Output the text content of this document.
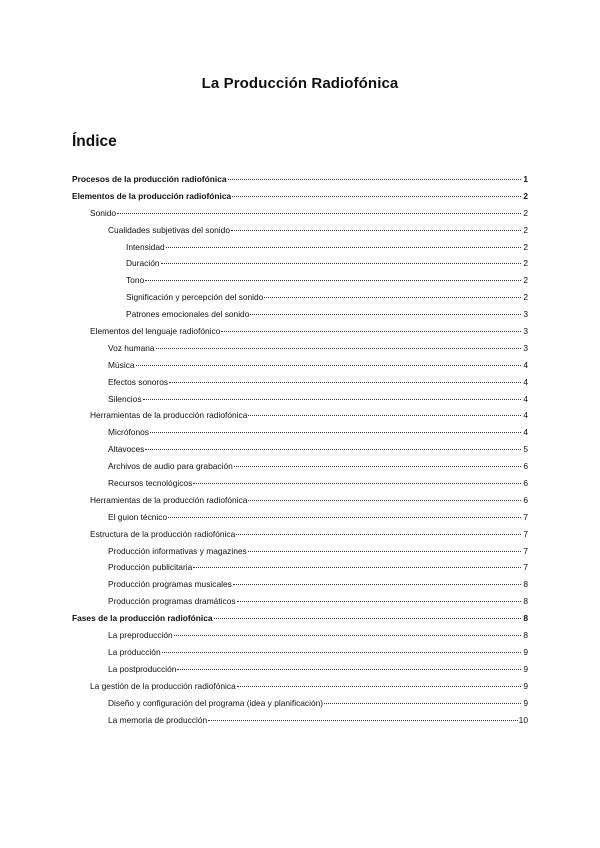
La Producción Radiofónica
Índice
Procesos de la producción radiofónica	1
Elementos de la producción radiofónica	2
Sonido	2
Cualidades subjetivas del sonido	2
Intensidad	2
Duración	2
Tono	2
Significación y percepción del sonido	2
Patrones emocionales del sonido	3
Elementos del lenguaje radiofónico	3
Voz humana	3
Música	4
Efectos sonoros	4
Silencios	4
Herramientas de la producción radiofónica	4
Micrófonos	4
Altavoces	5
Archivos de audio para grabación	6
Recursos tecnológicos	6
Herramientas de la producción radiofónica	6
El guion técnico	7
Estructura de la producción radiofónica	7
Producción informativas y magazines	7
Producción publicitaria	7
Producción programas musicales	8
Producción programas dramáticos	8
Fases de la producción radiofónica	8
La preproducción	8
La producción	9
La postproducción	9
La gestión de la producción radiofónica	9
Diseño y configuración del programa (idea y planificación)	9
La memoria de producción	10
